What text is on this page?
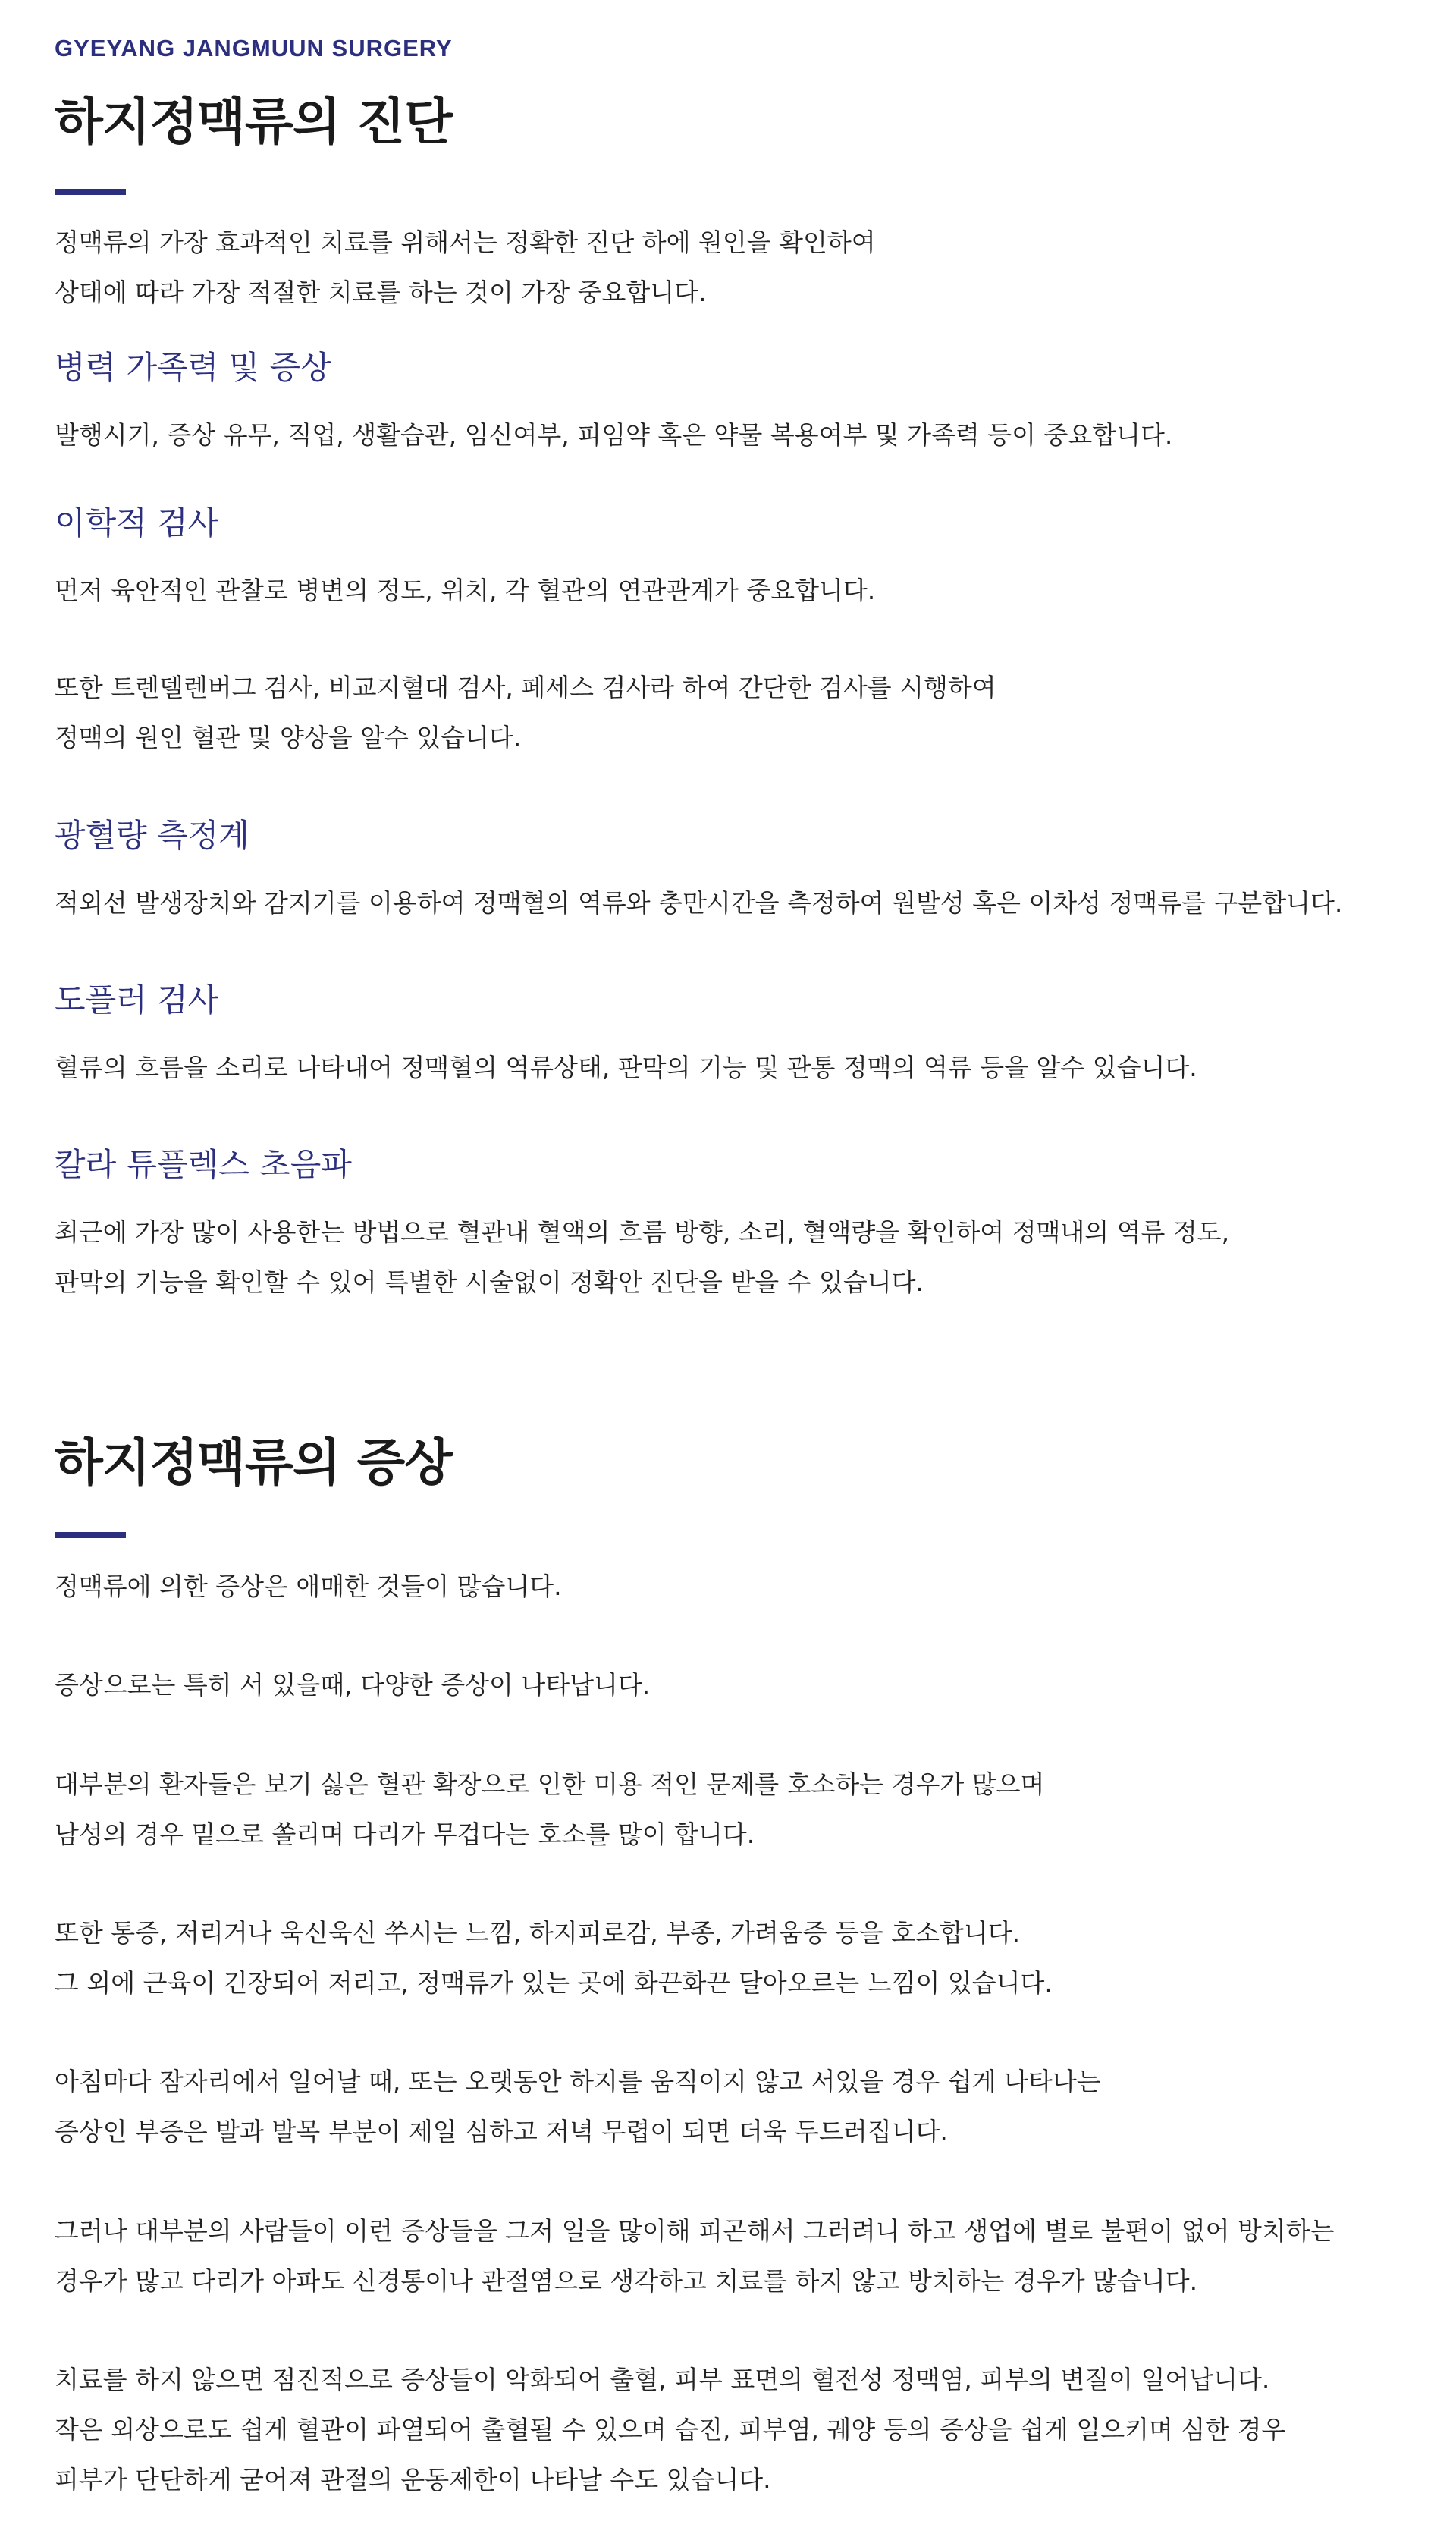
GYEYANG JANGMUUN SURGERY
하지정맥류의 진단

정맥류의 가장 효과적인 치료를 위해서는 정확한 진단 하에 원인을 확인하여
상태에 따라 가장 적절한 치료를 하는 것이 가장 중요합니다.

병력 가족력 및 증상

발행시기, 증상 유무, 직업, 생활습관, 임신여부, 피임약 혹은 약물 복용여부 및 가족력 등이 중요합니다.

이학적 검사

먼저 육안적인 관찰로 병변의 정도, 위치, 각 혈관의 연관관계가 중요합니다.

또한 트렌델렌버그 검사, 비교지혈대 검사, 페세스 검사라 하여 간단한 검사를 시행하여
정맥의 원인 혈관 및 양상을 알수 있습니다.

광혈량 측정계

적외선 발생장치와 감지기를 이용하여 정맥혈의 역류와 충만시간을 측정하여 원발성 혹은 이차성 정맥류를 구분합니다.

도플러 검사

혈류의 흐름을 소리로 나타내어 정맥혈의 역류상태, 판막의 기능 및 관통 정맥의 역류 등을 알수 있습니다.

칼라 튜플렉스 초음파

최근에 가장 많이 사용한는 방법으로 혈관내 혈액의 흐름 방향, 소리, 혈액량을 확인하여 정맥내의 역류 정도,
판막의 기능을 확인할 수 있어 특별한 시술없이 정확안 진단을 받을 수 있습니다.

하지정맥류의 증상

정맥류에 의한 증상은 애매한 것들이 많습니다.

증상으로는 특히 서 있을때, 다양한 증상이 나타납니다.

대부분의 환자들은 보기 싫은 혈관 확장으로 인한 미용 적인 문제를 호소하는 경우가 많으며
남성의 경우 밑으로 쏠리며 다리가 무겁다는 호소를 많이 합니다.

또한 통증, 저리거나 욱신욱신 쑤시는 느낌, 하지피로감, 부종, 가려움증 등을 호소합니다.
그 외에 근육이 긴장되어 저리고, 정맥류가 있는 곳에 화끈화끈 달아오르는 느낌이 있습니다.

아침마다 잠자리에서 일어날 때, 또는 오랫동안 하지를 움직이지 않고 서있을 경우 쉽게 나타나는
증상인 부증은 발과 발목 부분이 제일 심하고 저녁 무렵이 되면 더욱 두드러집니다.

그러나 대부분의 사람들이 이런 증상들을 그저 일을 많이해 피곤해서 그러려니 하고 생업에 별로 불편이 없어 방치하는
경우가 많고 다리가 아파도 신경통이나 관절염으로 생각하고 치료를 하지 않고 방치하는 경우가 많습니다.

치료를 하지 않으면 점진적으로 증상들이 악화되어 출혈, 피부 표면의 혈전성 정맥염, 피부의 변질이 일어납니다.
작은 외상으로도 쉽게 혈관이 파열되어 출혈될 수 있으며 습진, 피부염, 궤양 등의 증상을 쉽게 일으키며 심한 경우
피부가 단단하게 굳어져 관절의 운동제한이 나타날 수도 있습니다.
